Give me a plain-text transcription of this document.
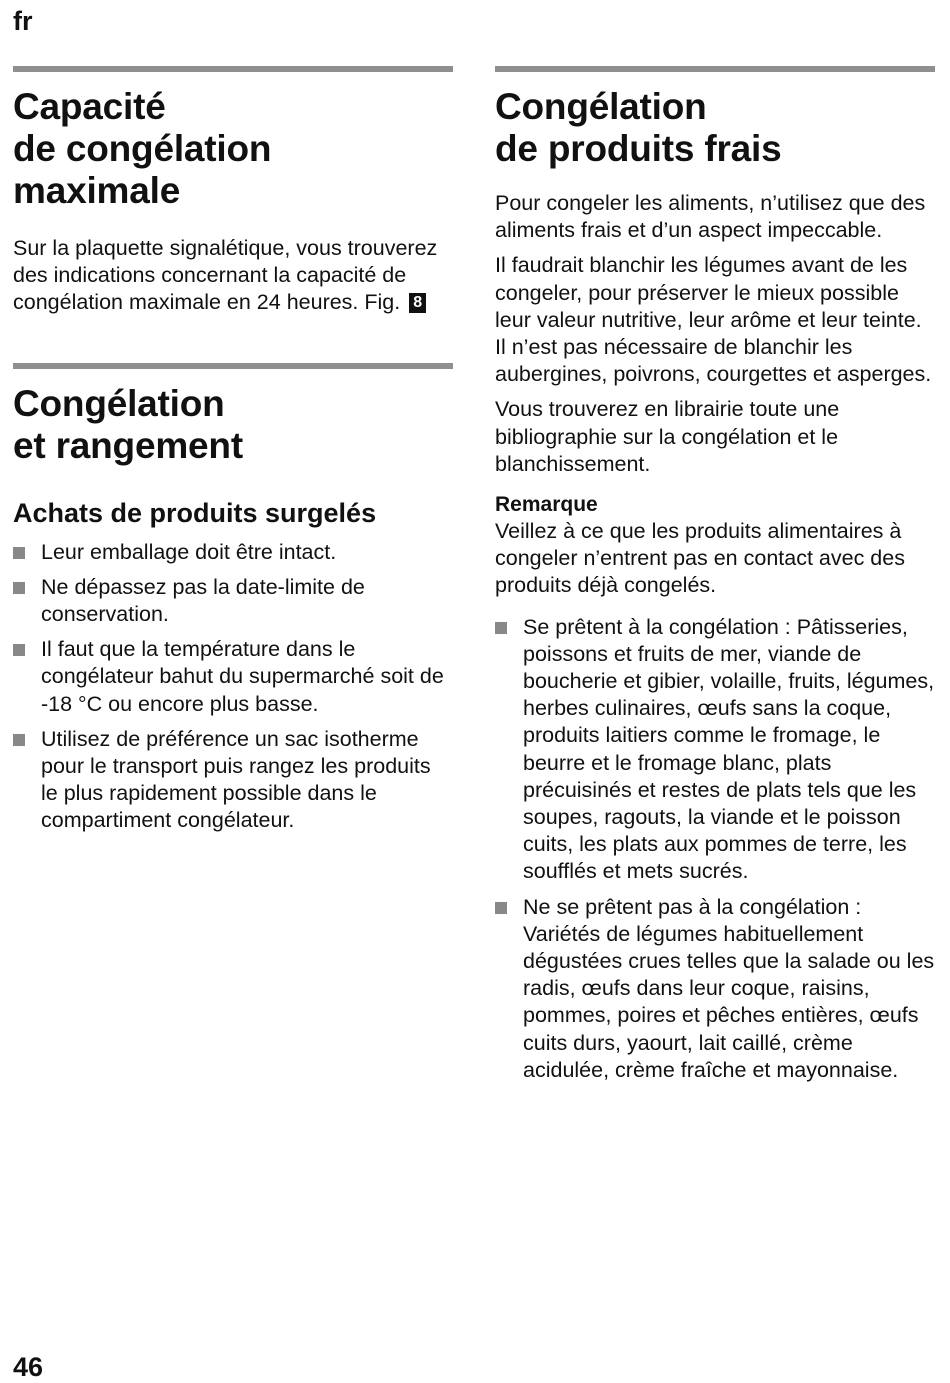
fr
Capacité
de congélation
maximale

Sur la plaquette signalétique, vous trouverez des indications concernant la capacité de congélation maximale en 24 heures. Fig. 8

Congélation
et rangement
Achats de produits surgelés
Leur emballage doit être intact.
Ne dépassez pas la date-limite de conservation.
Il faut que la température dans le congélateur bahut du supermarché soit de -18 °C ou encore plus basse.
Utilisez de préférence un sac isotherme pour le transport puis rangez les produits le plus rapidement possible dans le compartiment congélateur.
Congélation
de produits frais

Pour congeler les aliments, n’utilisez que des aliments frais et d’un aspect impeccable.

Il faudrait blanchir les légumes avant de les congeler, pour préserver le mieux possible leur valeur nutritive, leur arôme et leur teinte. Il n’est pas nécessaire de blanchir les aubergines, poivrons, courgettes et asperges.

Vous trouverez en librairie toute une bibliographie sur la congélation et le blanchissement.

Remarque

Veillez à ce que les produits alimentaires à congeler n’entrent pas en contact avec des produits déjà congelés.

Se prêtent à la congélation : Pâtisseries, poissons et fruits de mer, viande de boucherie et gibier, volaille, fruits, légumes, herbes culinaires, œufs sans la coque, produits laitiers comme le fromage, le beurre et le fromage blanc, plats précuisinés et restes de plats tels que les soupes, ragouts, la viande et le poisson cuits, les plats aux pommes de terre, les soufflés et mets sucrés.
Ne se prêtent pas à la congélation : Variétés de légumes habituellement dégustées crues telles que la salade ou les radis, œufs dans leur coque, raisins, pommes, poires et pêches entières, œufs cuits durs, yaourt, lait caillé, crème acidulée, crème fraîche et mayonnaise.
46
